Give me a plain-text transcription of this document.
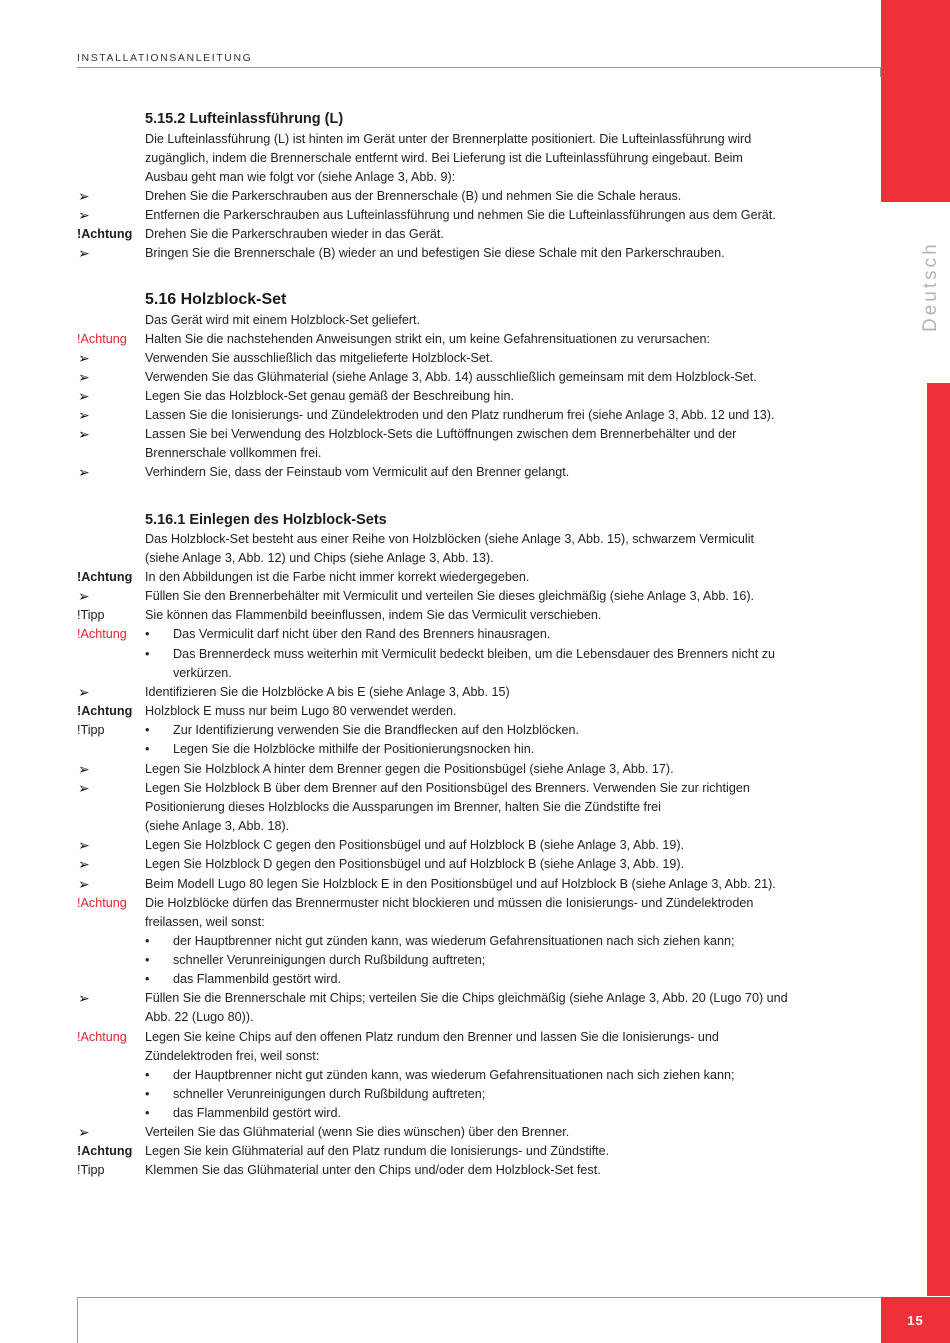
Deutsch
INSTALLATIONSANLEITUNG
15
5.15.2 Lufteinlassführung (L)
Die Lufteinlassführung (L) ist hinten im Gerät unter der Brennerplatte positioniert. Die Lufteinlassführung wird
zugänglich, indem die Brennerschale entfernt wird. Bei Lieferung ist die Lufteinlassführung eingebaut. Beim
Ausbau geht man wie folgt vor (siehe Anlage 3, Abb. 9):
➢	Drehen Sie die Parkerschrauben aus der Brennerschale (B) und nehmen Sie die Schale heraus.
➢	Entfernen die Parkerschrauben aus Lufteinlassführung und nehmen Sie die Lufteinlassführungen aus dem Gerät.
!Achtung Drehen Sie die Parkerschrauben wieder in das Gerät.
➢	Bringen Sie die Brennerschale (B) wieder an und befestigen Sie diese Schale mit den Parkerschrauben.
5.16 Holzblock-Set
Das Gerät wird mit einem Holzblock-Set geliefert.
!Achtung Halten Sie die nachstehenden Anweisungen strikt ein, um keine Gefahrensituationen zu verursachen:
➢	Verwenden Sie ausschließlich das mitgelieferte Holzblock-Set.
➢	Verwenden Sie das Glühmaterial (siehe Anlage 3, Abb. 14) ausschließlich gemeinsam mit dem Holzblock-Set.
➢	Legen Sie das Holzblock-Set genau gemäß der Beschreibung hin.
➢	Lassen Sie die Ionisierungs- und Zündelektroden und den Platz rundherum frei (siehe Anlage 3, Abb. 12 und 13).
➢	Lassen Sie bei Verwendung des Holzblock-Sets die Luftöffnungen zwischen dem Brennerbehälter und der
Brennerschale vollkommen frei.
➢	Verhindern Sie, dass der Feinstaub vom Vermiculit auf den Brenner gelangt.
5.16.1 Einlegen des Holzblock-Sets
Das Holzblock-Set besteht aus einer Reihe von Holzblöcken (siehe Anlage 3, Abb. 15), schwarzem Vermiculit
(siehe Anlage 3, Abb. 12) und Chips (siehe Anlage 3, Abb. 13).
!Achtung In den Abbildungen ist die Farbe nicht immer korrekt wiedergegeben.
➢	Füllen Sie den Brennerbehälter mit Vermiculit und verteilen Sie dieses gleichmäßig (siehe Anlage 3, Abb. 16).
!Tipp	Sie können das Flammenbild beeinflussen, indem Sie das Vermiculit verschieben.
!Achtung • Das Vermiculit darf nicht über den Rand des Brenners hinausragen.
• Das Brennerdeck muss weiterhin mit Vermiculit bedeckt bleiben, um die Lebensdauer des Brenners nicht zu
verkürzen.
➢	Identifizieren Sie die Holzblöcke A bis E (siehe Anlage 3, Abb. 15)
!Achtung Holzblock E muss nur beim Lugo 80 verwendet werden.
!Tipp	• Zur Identifizierung verwenden Sie die Brandflecken auf den Holzblöcken.
• Legen Sie die Holzblöcke mithilfe der Positionierungsnocken hin.
➢	Legen Sie Holzblock A hinter dem Brenner gegen die Positionsbügel (siehe Anlage 3, Abb. 17).
➢	Legen Sie Holzblock B über dem Brenner auf den Positionsbügel des Brenners. Verwenden Sie zur richtigen
Positionierung dieses Holzblocks die Aussparungen im Brenner, halten Sie die Zündstifte frei
(siehe Anlage 3, Abb. 18).
➢	Legen Sie Holzblock C gegen den Positionsbügel und auf Holzblock B (siehe Anlage 3, Abb. 19).
➢	Legen Sie Holzblock D gegen den Positionsbügel und auf Holzblock B (siehe Anlage 3, Abb. 19).
➢	Beim Modell Lugo 80 legen Sie Holzblock E in den Positionsbügel und auf Holzblock B (siehe Anlage 3, Abb. 21).
!Achtung Die Holzblöcke dürfen das Brennermuster nicht blockieren und müssen die Ionisierungs- und Zündelektroden
freilassen, weil sonst:
• der Hauptbrenner nicht gut zünden kann, was wiederum Gefahrensituationen nach sich ziehen kann;
• schneller Verunreinigungen durch Rußbildung auftreten;
• das Flammenbild gestört wird.
➢	Füllen Sie die Brennerschale mit Chips; verteilen Sie die Chips gleichmäßig (siehe Anlage 3, Abb. 20 (Lugo 70) und
Abb. 22 (Lugo 80)).
!Achtung Legen Sie keine Chips auf den offenen Platz rundum den Brenner und lassen Sie die Ionisierungs- und
Zündelektroden frei, weil sonst:
• der Hauptbrenner nicht gut zünden kann, was wiederum Gefahrensituationen nach sich ziehen kann;
• schneller Verunreinigungen durch Rußbildung auftreten;
• das Flammenbild gestört wird.
➢	Verteilen Sie das Glühmaterial (wenn Sie dies wünschen) über den Brenner.
!Achtung Legen Sie kein Glühmaterial auf den Platz rundum die Ionisierungs- und Zündstifte.
!Tipp	Klemmen Sie das Glühmaterial unter den Chips und/oder dem Holzblock-Set fest.
